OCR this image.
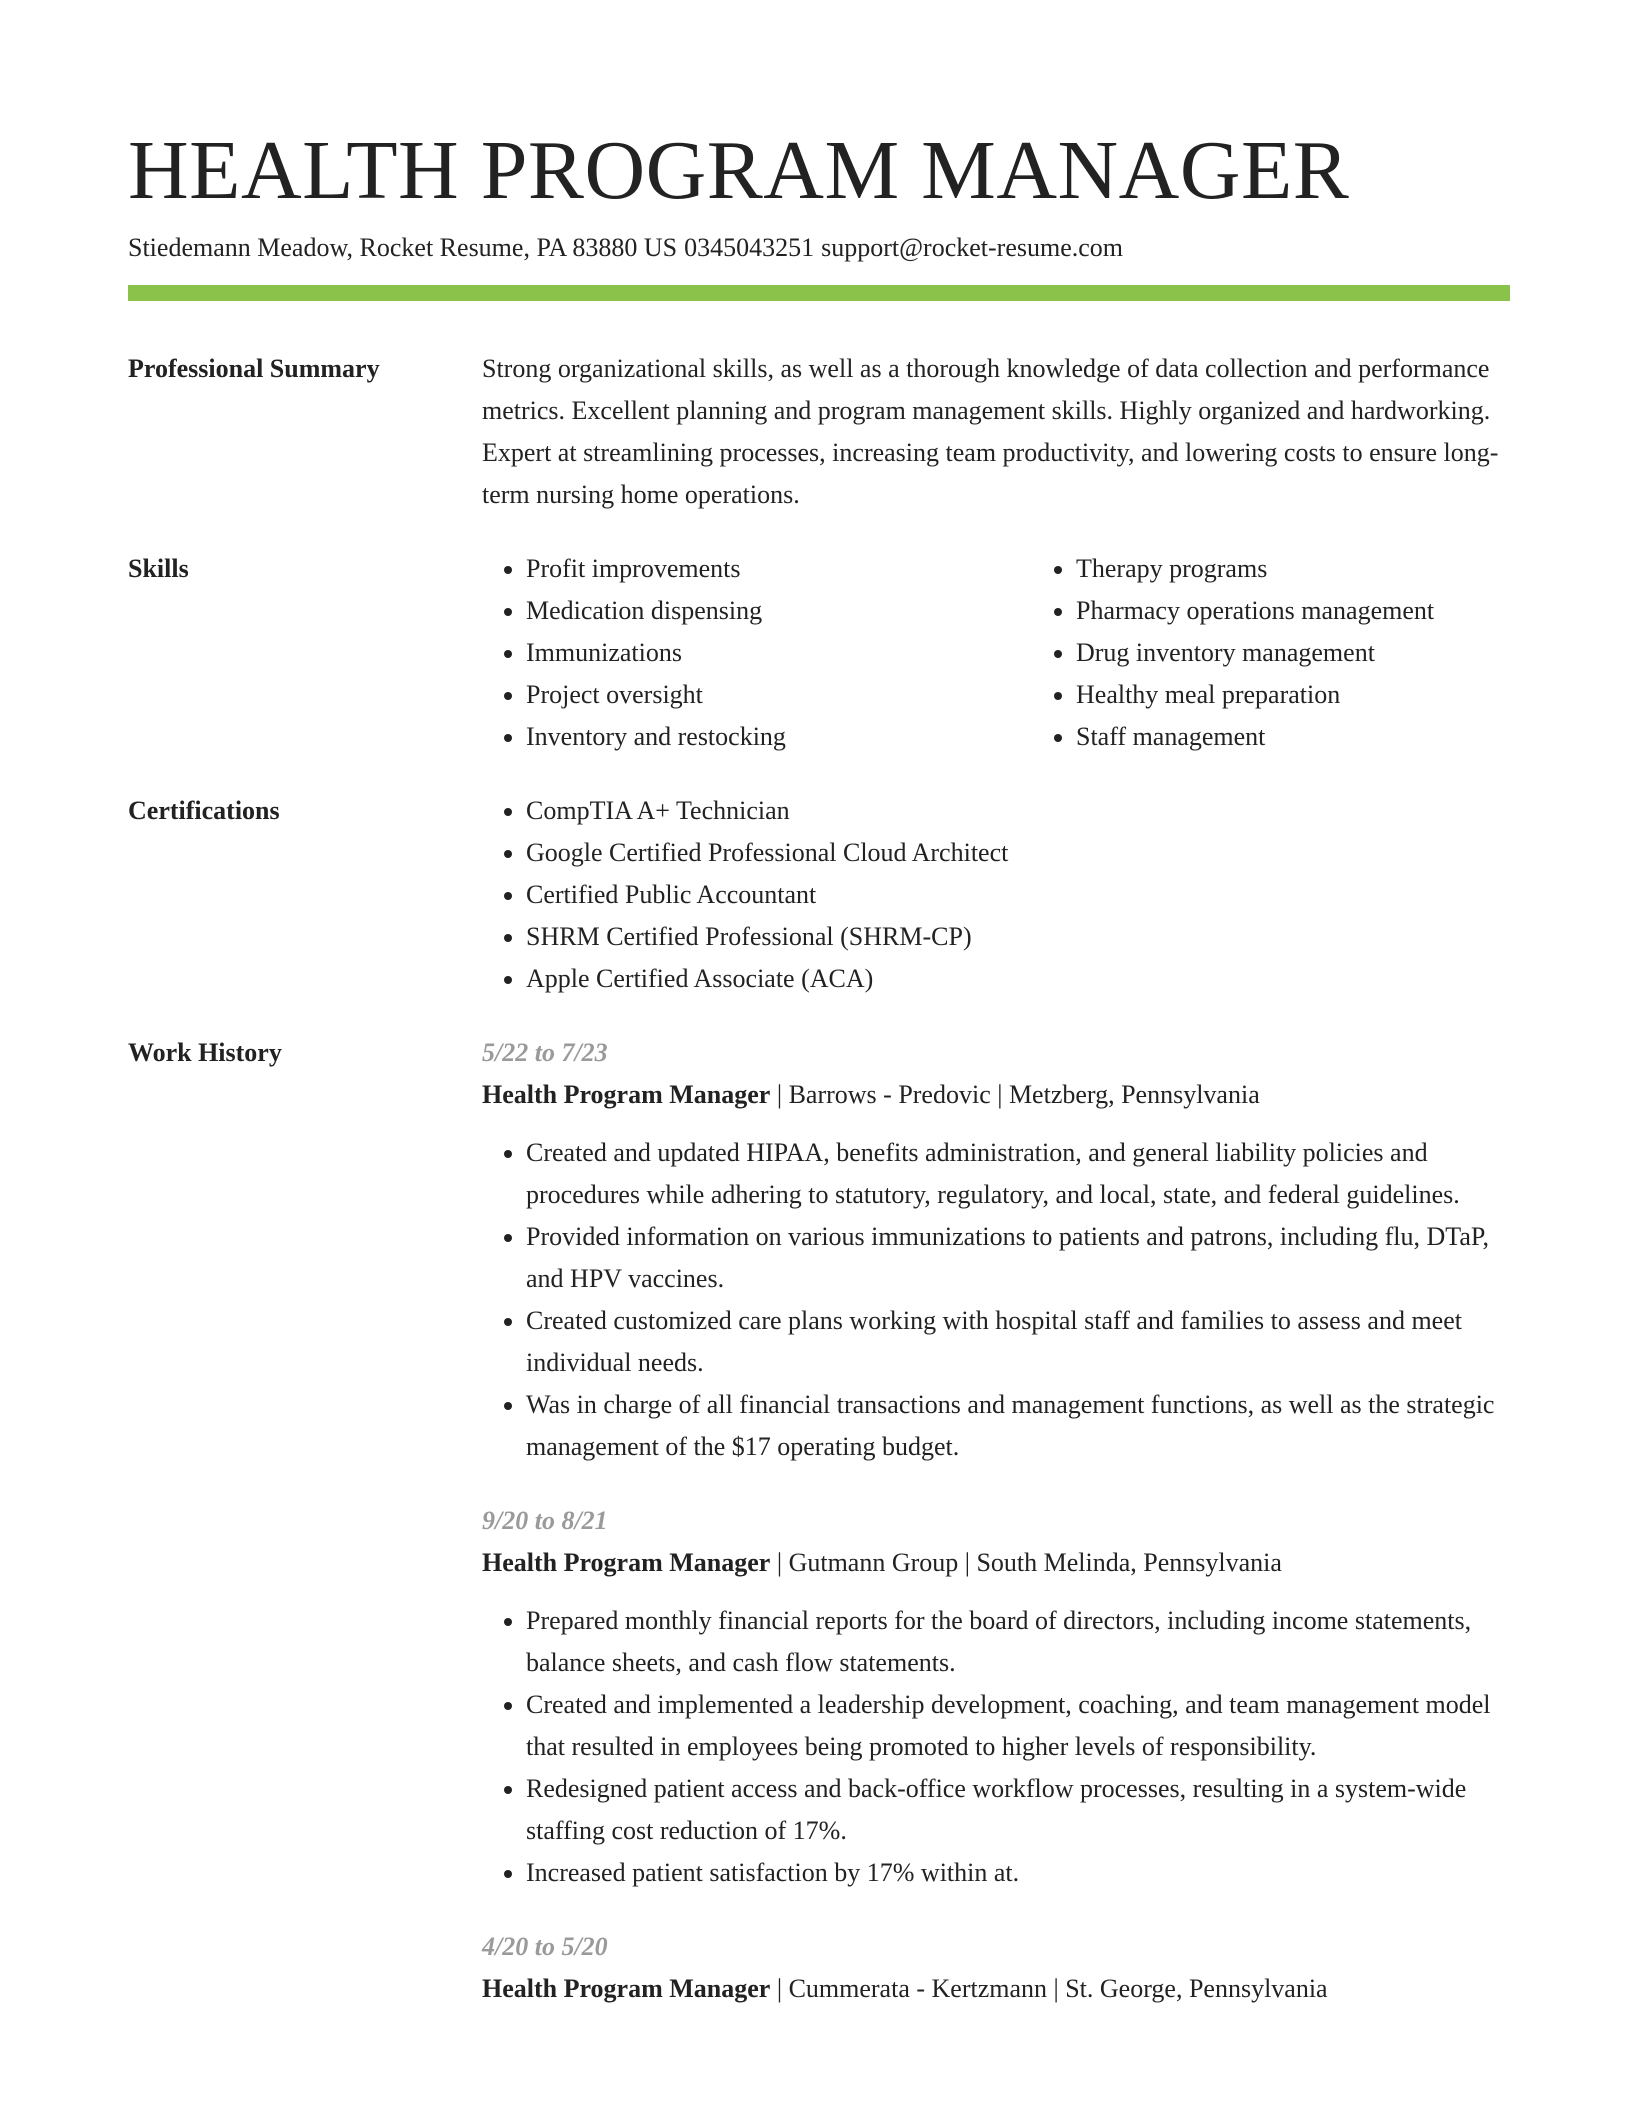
HEALTH PROGRAM MANAGER
Stiedemann Meadow, Rocket Resume, PA 83880 US 0345043251 support@rocket-resume.com
Professional Summary	Strong organizational skills, as well as a thorough knowledge of data collection and performance metrics. Excellent planning and program management skills. Highly organized and hardworking. Expert at streamlining processes, increasing team productivity, and lowering costs to ensure long-term nursing home operations.
Skills	• Profit improvements
• Medication dispensing
• Immunizations
• Project oversight
• Inventory and restocking
• Therapy programs
• Pharmacy operations management
• Drug inventory management
• Healthy meal preparation
• Staff management
Certifications	• CompTIA A+ Technician
• Google Certified Professional Cloud Architect
• Certified Public Accountant
• SHRM Certified Professional (SHRM-CP)
• Apple Certified Associate (ACA)
Work History	5/22 to 7/23
Health Program Manager | Barrows - Predovic | Metzberg, Pennsylvania
• Created and updated HIPAA, benefits administration, and general liability policies and procedures while adhering to statutory, regulatory, and local, state, and federal guidelines.
• Provided information on various immunizations to patients and patrons, including flu, DTaP, and HPV vaccines.
• Created customized care plans working with hospital staff and families to assess and meet individual needs.
• Was in charge of all financial transactions and management functions, as well as the strategic management of the $17 operating budget.
9/20 to 8/21
Health Program Manager | Gutmann Group | South Melinda, Pennsylvania
• Prepared monthly financial reports for the board of directors, including income statements, balance sheets, and cash flow statements.
• Created and implemented a leadership development, coaching, and team management model that resulted in employees being promoted to higher levels of responsibility.
• Redesigned patient access and back-office workflow processes, resulting in a system-wide staffing cost reduction of 17%.
• Increased patient satisfaction by 17% within at.
4/20 to 5/20
Health Program Manager | Cummerata - Kertzmann | St. George, Pennsylvania
